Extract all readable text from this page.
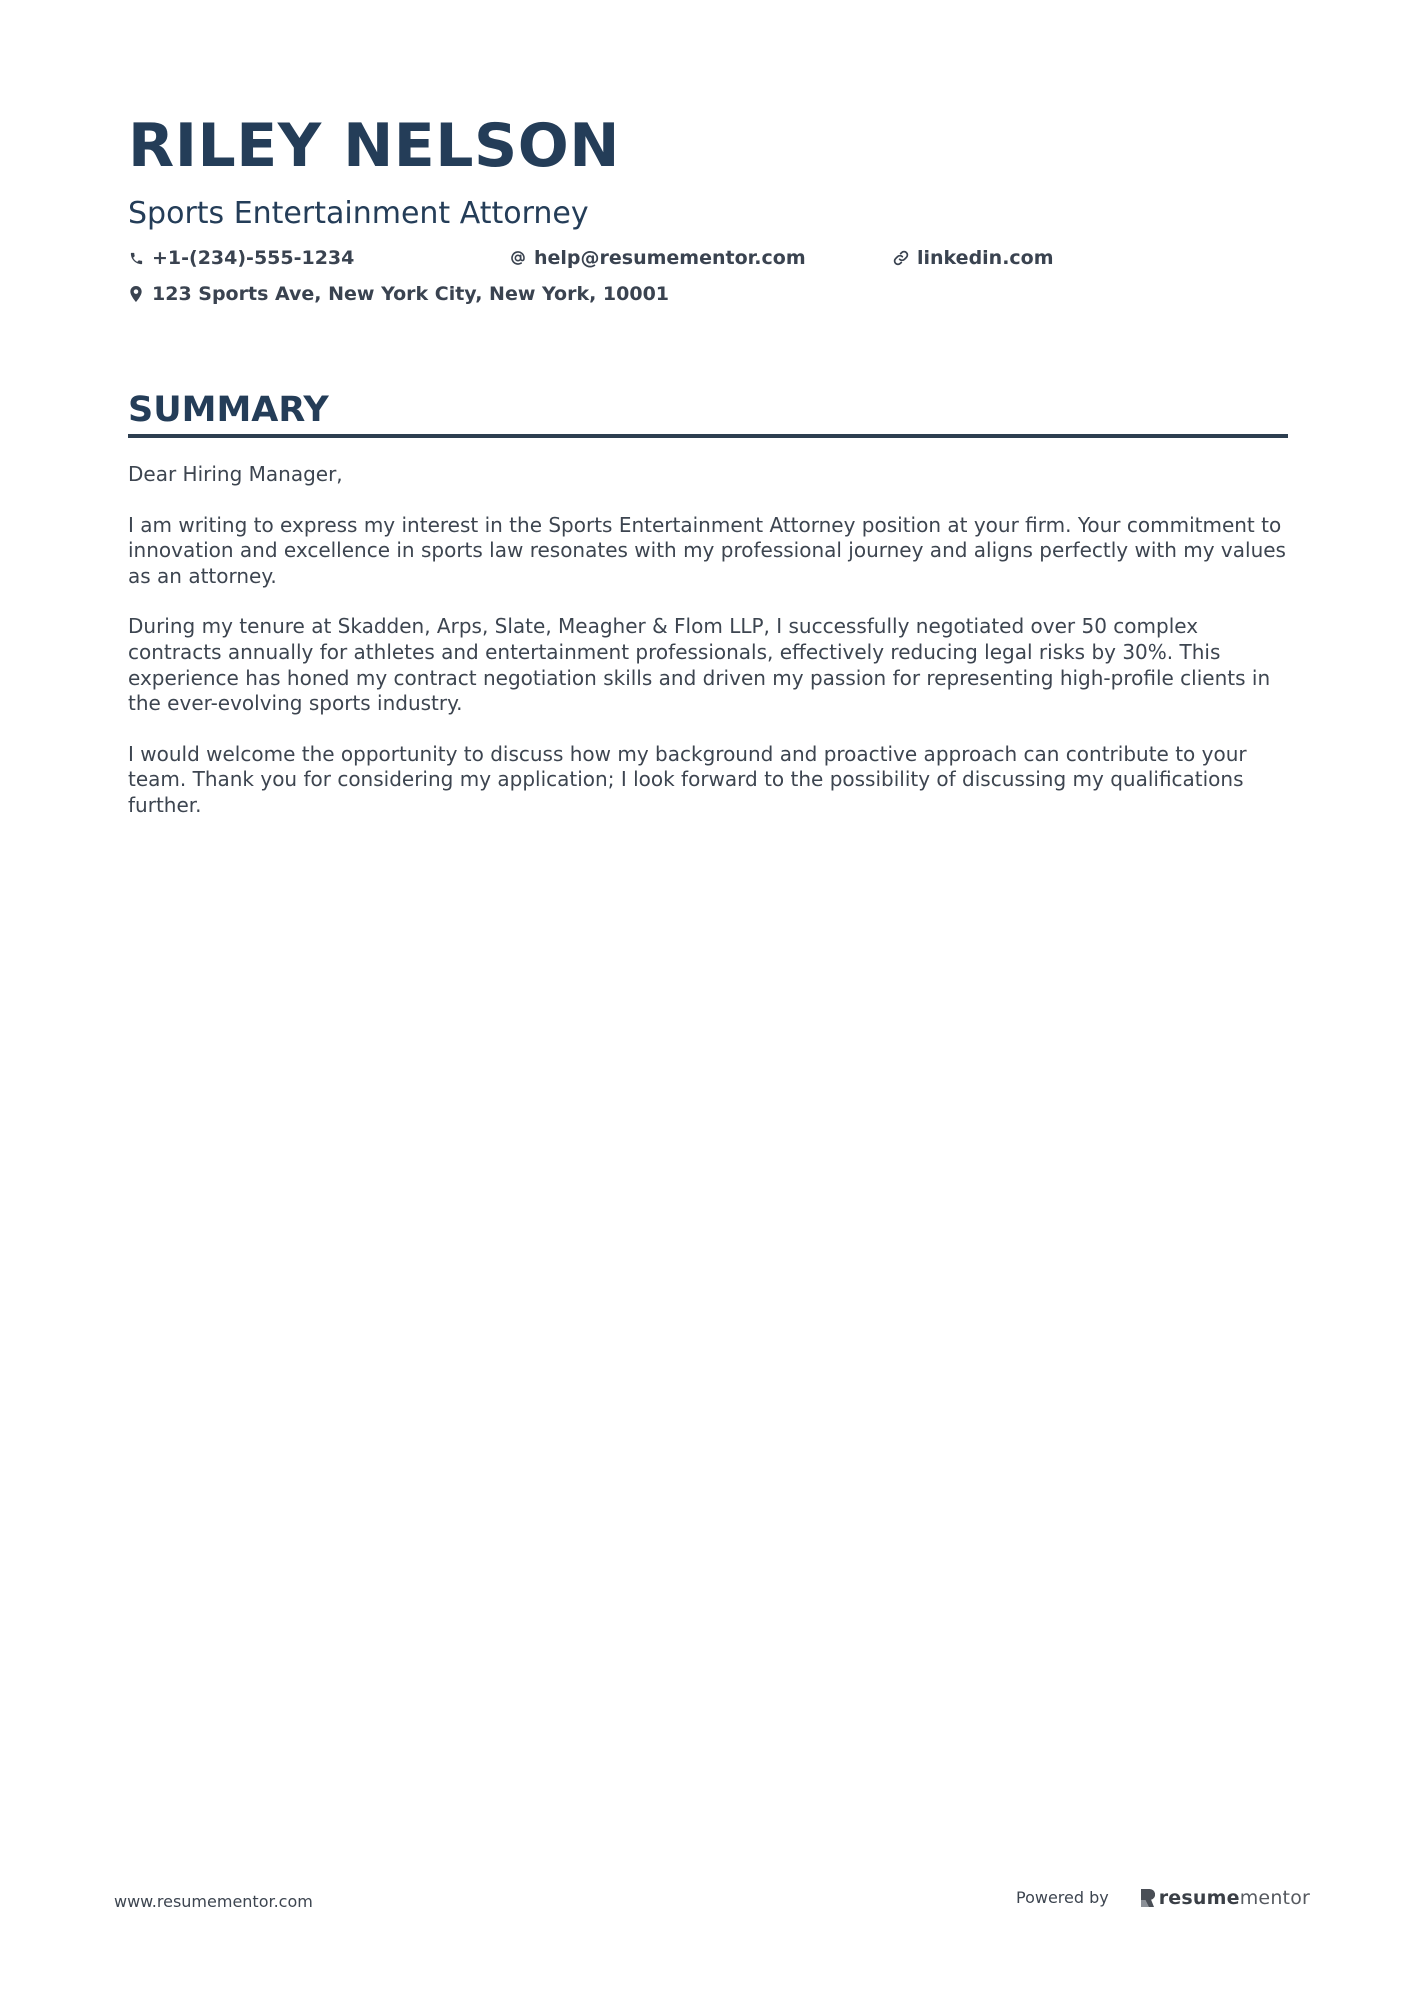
RILEY NELSON
Sports Entertainment Attorney
+1-(234)-555-1234	help@resumementor.com	linkedin.com
123 Sports Ave, New York City, New York, 10001
SUMMARY

Dear Hiring Manager,

I am writing to express my interest in the Sports Entertainment Attorney position at your firm. Your commitment to innovation and excellence in sports law resonates with my professional journey and aligns perfectly with my values as an attorney.

During my tenure at Skadden, Arps, Slate, Meagher & Flom LLP, I successfully negotiated over 50 complex contracts annually for athletes and entertainment professionals, effectively reducing legal risks by 30%. This experience has honed my contract negotiation skills and driven my passion for representing high-profile clients in the ever-evolving sports industry.

I would welcome the opportunity to discuss how my background and proactive approach can contribute to your team. Thank you for considering my application; I look forward to the possibility of discussing my qualifications further.

www.resumementor.com	Powered by	resumementor
